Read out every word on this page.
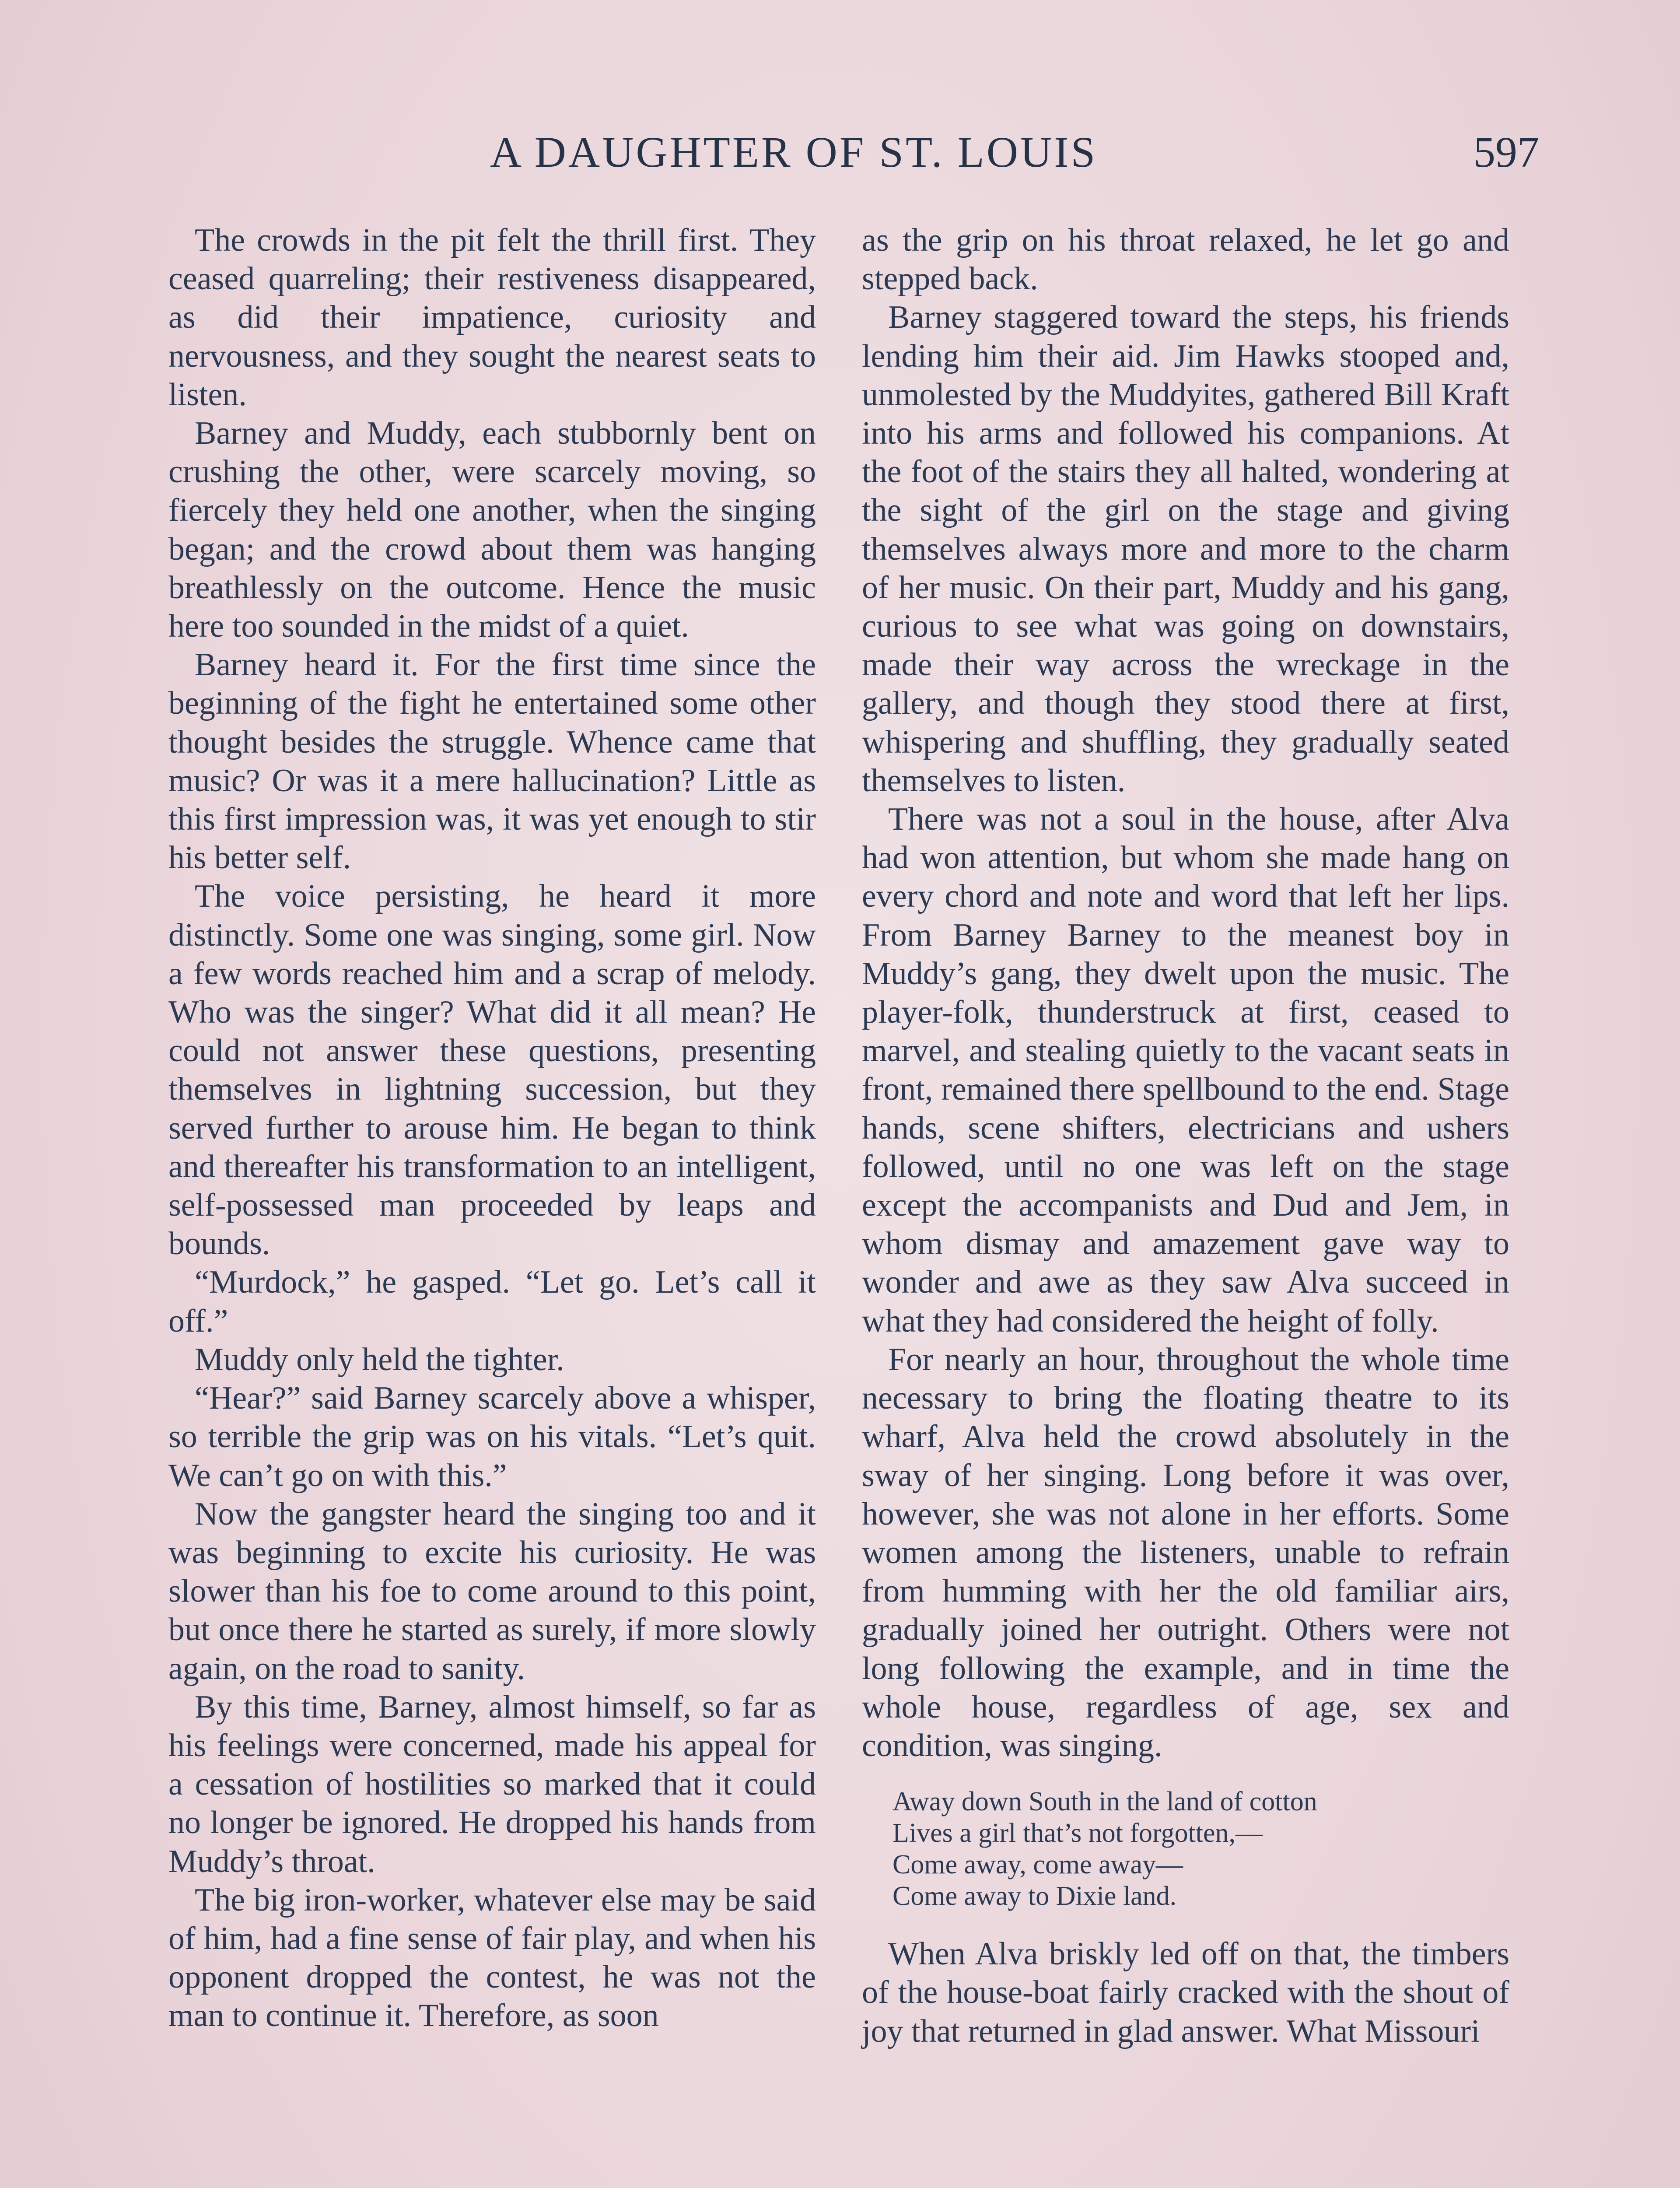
A DAUGHTER OF ST. LOUIS	597

The crowds in the pit felt the thrill first. They ceased quarreling; their restiveness disappeared, as did their impatience, curiosity and nervousness, and they sought the nearest seats to listen.

Barney and Muddy, each stubbornly bent on crushing the other, were scarcely moving, so fiercely they held one another, when the singing began; and the crowd about them was hanging breathlessly on the outcome. Hence the music here too sounded in the midst of a quiet.

Barney heard it. For the first time since the beginning of the fight he entertained some other thought besides the struggle. Whence came that music? Or was it a mere hallucination? Little as this first impression was, it was yet enough to stir his better self.

The voice persisting, he heard it more distinctly. Some one was singing, some girl. Now a few words reached him and a scrap of melody. Who was the singer? What did it all mean? He could not answer these questions, presenting themselves in lightning succession, but they served further to arouse him. He began to think and thereafter his transformation to an intelligent, self-possessed man proceeded by leaps and bounds.

“Murdock,” he gasped. “Let go. Let’s call it off.”

Muddy only held the tighter.

“Hear?” said Barney scarcely above a whisper, so terrible the grip was on his vitals. “Let’s quit. We can’t go on with this.”

Now the gangster heard the singing too and it was beginning to excite his curiosity. He was slower than his foe to come around to this point, but once there he started as surely, if more slowly again, on the road to sanity.

By this time, Barney, almost himself, so far as his feelings were concerned, made his appeal for a cessation of hostilities so marked that it could no longer be ignored. He dropped his hands from Muddy’s throat.

The big iron-worker, whatever else may be said of him, had a fine sense of fair play, and when his opponent dropped the contest, he was not the man to continue it. Therefore, as soon

as the grip on his throat relaxed, he let go and stepped back.

Barney staggered toward the steps, his friends lending him their aid. Jim Hawks stooped and, unmolested by the Muddyites, gathered Bill Kraft into his arms and followed his companions. At the foot of the stairs they all halted, wondering at the sight of the girl on the stage and giving themselves always more and more to the charm of her music. On their part, Muddy and his gang, curious to see what was going on downstairs, made their way across the wreckage in the gallery, and though they stood there at first, whispering and shuffling, they gradually seated themselves to listen.

There was not a soul in the house, after Alva had won attention, but whom she made hang on every chord and note and word that left her lips. From Barney Barney to the meanest boy in Muddy’s gang, they dwelt upon the music. The player-folk, thunderstruck at first, ceased to marvel, and stealing quietly to the vacant seats in front, remained there spellbound to the end. Stage hands, scene shifters, electricians and ushers followed, until no one was left on the stage except the accompanists and Dud and Jem, in whom dismay and amazement gave way to wonder and awe as they saw Alva succeed in what they had considered the height of folly.

For nearly an hour, throughout the whole time necessary to bring the floating theatre to its wharf, Alva held the crowd absolutely in the sway of her singing. Long before it was over, however, she was not alone in her efforts. Some women among the listeners, unable to refrain from humming with her the old familiar airs, gradually joined her outright. Others were not long following the example, and in time the whole house, regardless of age, sex and condition, was singing.

Away down South in the land of cotton
Lives a girl that’s not forgotten,—
Come away, come away—
Come away to Dixie land.

When Alva briskly led off on that, the timbers of the house-boat fairly cracked with the shout of joy that returned in glad answer. What Missouri
